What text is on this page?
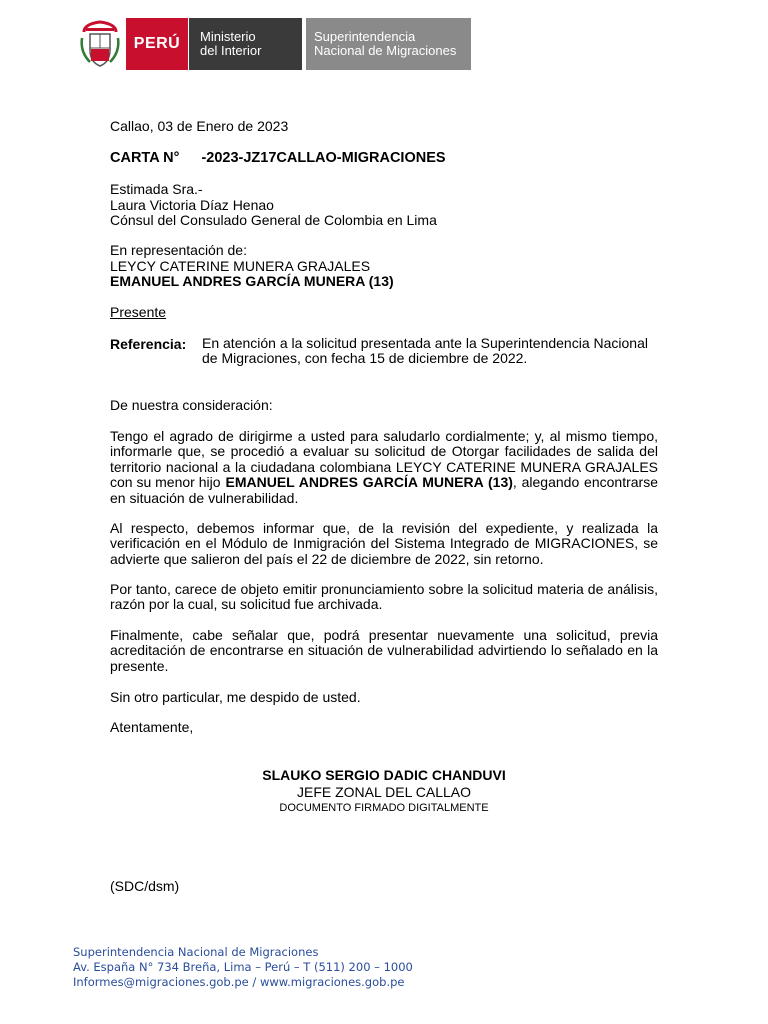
PERÚ	Ministerio
del Interior
Superintendencia
Nacional de Migraciones
Callao, 03 de Enero de 2023
CARTA N° -2023-JZ17CALLAO-MIGRACIONES
Estimada Sra.-
Laura Victoria Díaz Henao
Cónsul del Consulado General de Colombia en Lima
En representación de:
LEYCY CATERINE MUNERA GRAJALES
EMANUEL ANDRES GARCÍA MUNERA (13)
Presente
Referencia: En atención a la solicitud presentada ante la Superintendencia Nacional
de Migraciones, con fecha 15 de diciembre de 2022.
De nuestra consideración:
Tengo el agrado de dirigirme a usted para saludarlo cordialmente; y, al mismo tiempo,
informarle que, se procedió a evaluar su solicitud de Otorgar facilidades de salida del
territorio nacional a la ciudadana colombiana LEYCY CATERINE MUNERA GRAJALES
con su menor hijo EMANUEL ANDRES GARCÍA MUNERA (13), alegando encontrarse
en situación de vulnerabilidad.
Al respecto, debemos informar que, de la revisión del expediente, y realizada la
verificación en el Módulo de Inmigración del Sistema Integrado de MIGRACIONES, se
advierte que salieron del país el 22 de diciembre de 2022, sin retorno.
Por tanto, carece de objeto emitir pronunciamiento sobre la solicitud materia de análisis,
razón por la cual, su solicitud fue archivada.
Finalmente, cabe señalar que, podrá presentar nuevamente una solicitud, previa
acreditación de encontrarse en situación de vulnerabilidad advirtiendo lo señalado en la
presente.
Sin otro particular, me despido de usted.
Atentamente,
SLAUKO SERGIO DADIC CHANDUVI
JEFE ZONAL DEL CALLAO
DOCUMENTO FIRMADO DIGITALMENTE
(SDC/dsm)
Superintendencia Nacional de Migraciones
Av. España N° 734 Breña, Lima – Perú – T (511) 200 – 1000
Informes@migraciones.gob.pe / www.migraciones.gob.pe
